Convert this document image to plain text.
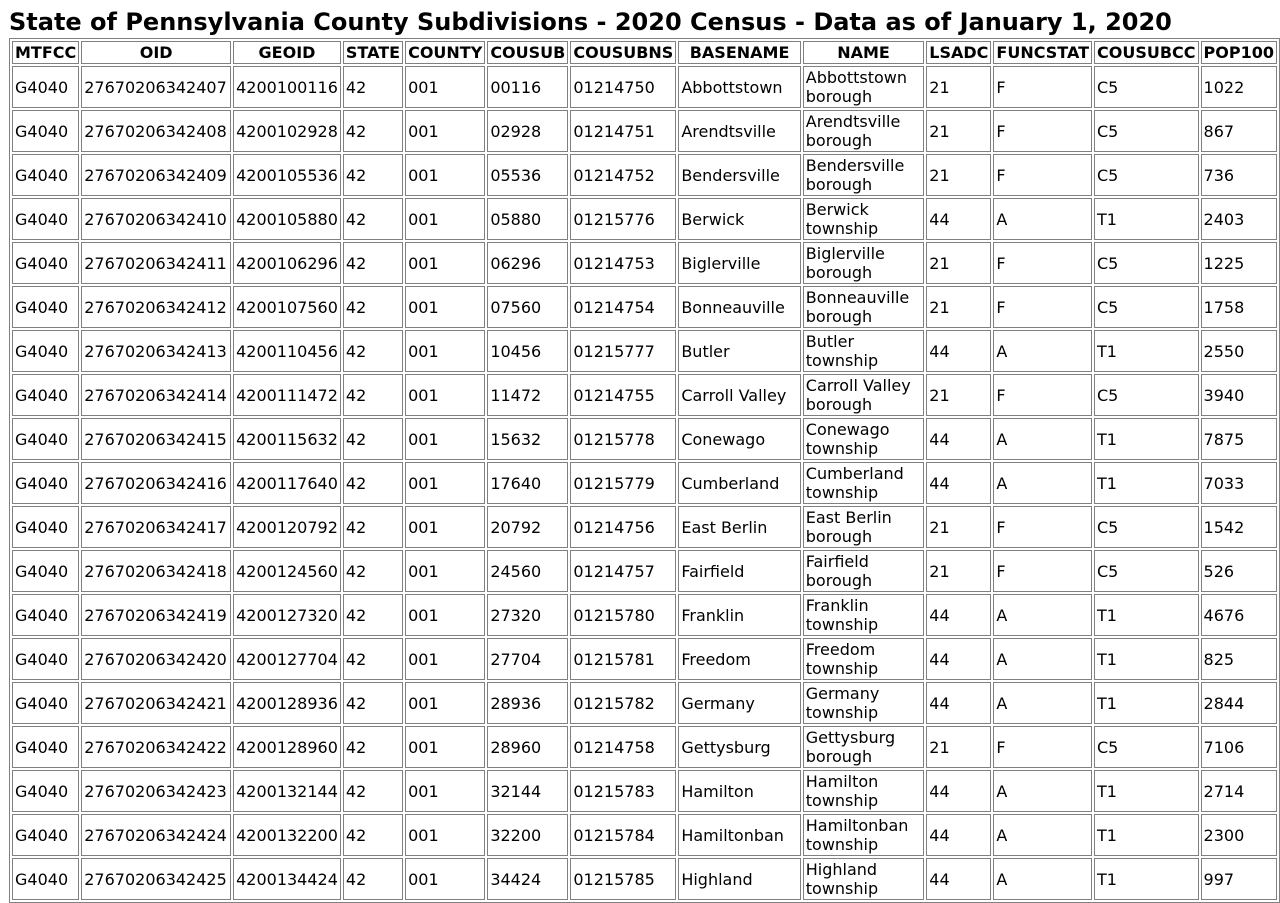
State of Pennsylvania County Subdivisions - 2020 Census - Data as of January 1, 2020
MTFCC	OID	GEOID	STATE	COUNTY	COUSUB	COUSUBNS	BASENAME	NAME	LSADC	FUNCSTAT	COUSUBCC	POP100
G4040	27670206342407	4200100116	42	001	00116	01214750	Abbottstown	Abbottstown borough	21	F	C5	1022
G4040	27670206342408	4200102928	42	001	02928	01214751	Arendtsville	Arendtsville borough	21	F	C5	867
G4040	27670206342409	4200105536	42	001	05536	01214752	Bendersville	Bendersville borough	21	F	C5	736
G4040	27670206342410	4200105880	42	001	05880	01215776	Berwick	Berwick township	44	A	T1	2403
G4040	27670206342411	4200106296	42	001	06296	01214753	Biglerville	Biglerville borough	21	F	C5	1225
G4040	27670206342412	4200107560	42	001	07560	01214754	Bonneauville	Bonneauville borough	21	F	C5	1758
G4040	27670206342413	4200110456	42	001	10456	01215777	Butler	Butler township	44	A	T1	2550
G4040	27670206342414	4200111472	42	001	11472	01214755	Carroll Valley	Carroll Valley borough	21	F	C5	3940
G4040	27670206342415	4200115632	42	001	15632	01215778	Conewago	Conewago township	44	A	T1	7875
G4040	27670206342416	4200117640	42	001	17640	01215779	Cumberland	Cumberland township	44	A	T1	7033
G4040	27670206342417	4200120792	42	001	20792	01214756	East Berlin	East Berlin borough	21	F	C5	1542
G4040	27670206342418	4200124560	42	001	24560	01214757	Fairfield	Fairfield borough	21	F	C5	526
G4040	27670206342419	4200127320	42	001	27320	01215780	Franklin	Franklin township	44	A	T1	4676
G4040	27670206342420	4200127704	42	001	27704	01215781	Freedom	Freedom township	44	A	T1	825
G4040	27670206342421	4200128936	42	001	28936	01215782	Germany	Germany township	44	A	T1	2844
G4040	27670206342422	4200128960	42	001	28960	01214758	Gettysburg	Gettysburg borough	21	F	C5	7106
G4040	27670206342423	4200132144	42	001	32144	01215783	Hamilton	Hamilton township	44	A	T1	2714
G4040	27670206342424	4200132200	42	001	32200	01215784	Hamiltonban	Hamiltonban township	44	A	T1	2300
G4040	27670206342425	4200134424	42	001	34424	01215785	Highland	Highland township	44	A	T1	997
